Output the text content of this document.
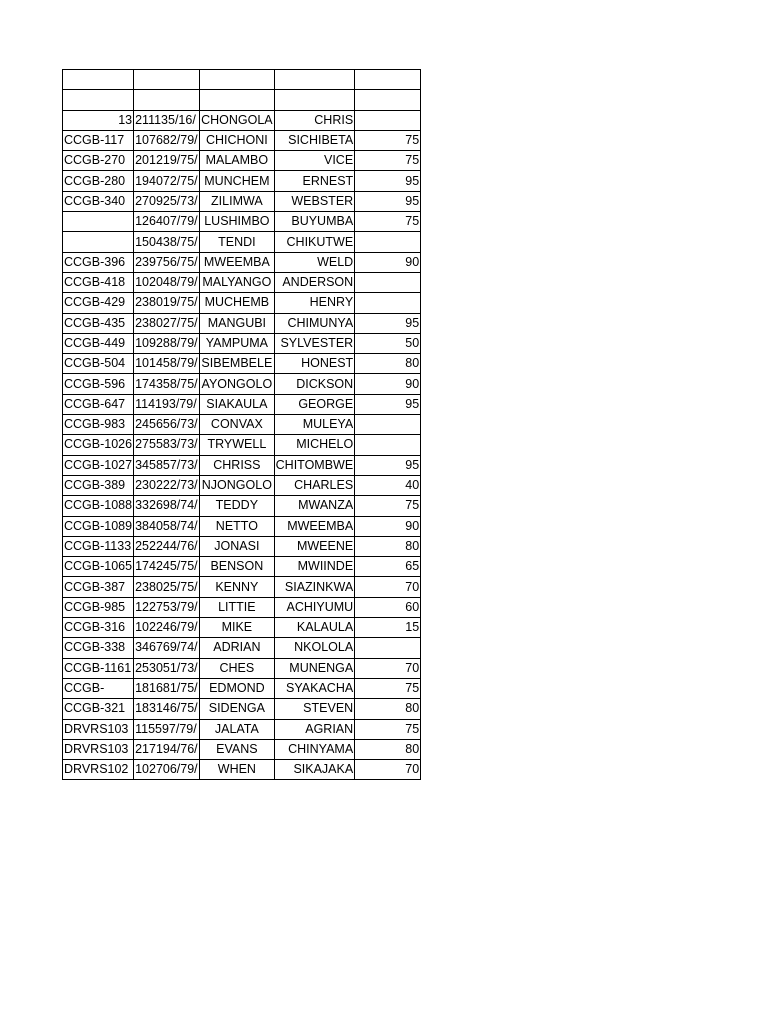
13	211135/16/	CHONGOLA	CHRIS	
CCGB-117	107682/79/	CHICHONI	SICHIBETA	75
CCGB-270	201219/75/	MALAMBO	VICE	75
CCGB-280	194072/75/	MUNCHEM	ERNEST	95
CCGB-340	270925/73/	ZILIMWA	WEBSTER	95
	126407/79/	LUSHIMBO	BUYUMBA	75
	150438/75/	TENDI	CHIKUTWE	
CCGB-396	239756/75/	MWEEMBA	WELD	90
CCGB-418	102048/79/	MALYANGO	ANDERSON	
CCGB-429	238019/75/	MUCHEMB	HENRY	
CCGB-435	238027/75/	MANGUBI	CHIMUNYA	95
CCGB-449	109288/79/	YAMPUMA	SYLVESTER	50
CCGB-504	101458/79/	SIBEMBELE	HONEST	80
CCGB-596	174358/75/	AYONGOLO	DICKSON	90
CCGB-647	114193/79/	SIAKAULA	GEORGE	95
CCGB-983	245656/73/	CONVAX	MULEYA	
CCGB-1026	275583/73/	TRYWELL	MICHELO	
CCGB-1027	345857/73/	CHRISS	CHITOMBWE	95
CCGB-389	230222/73/	NJONGOLO	CHARLES	40
CCGB-1088	332698/74/	TEDDY	MWANZA	75
CCGB-1089	384058/74/	NETTO	MWEEMBA	90
CCGB-1133	252244/76/	JONASI	MWEENE	80
CCGB-1065	174245/75/	BENSON	MWIINDE	65
CCGB-387	238025/75/	KENNY	SIAZINKWA	70
CCGB-985	122753/79/	LITTIE	ACHIYUMU	60
CCGB-316	102246/79/	MIKE	KALAULA	15
CCGB-338	346769/74/	ADRIAN	NKOLOLA	
CCGB-1161	253051/73/	CHES	MUNENGA	70
CCGB-	181681/75/	EDMOND	SYAKACHA	75
CCGB-321	183146/75/	SIDENGA	STEVEN	80
DRVRS103	115597/79/	JALATA	AGRIAN	75
DRVRS103	217194/76/	EVANS	CHINYAMA	80
DRVRS102	102706/79/	WHEN	SIKAJAKA	70
